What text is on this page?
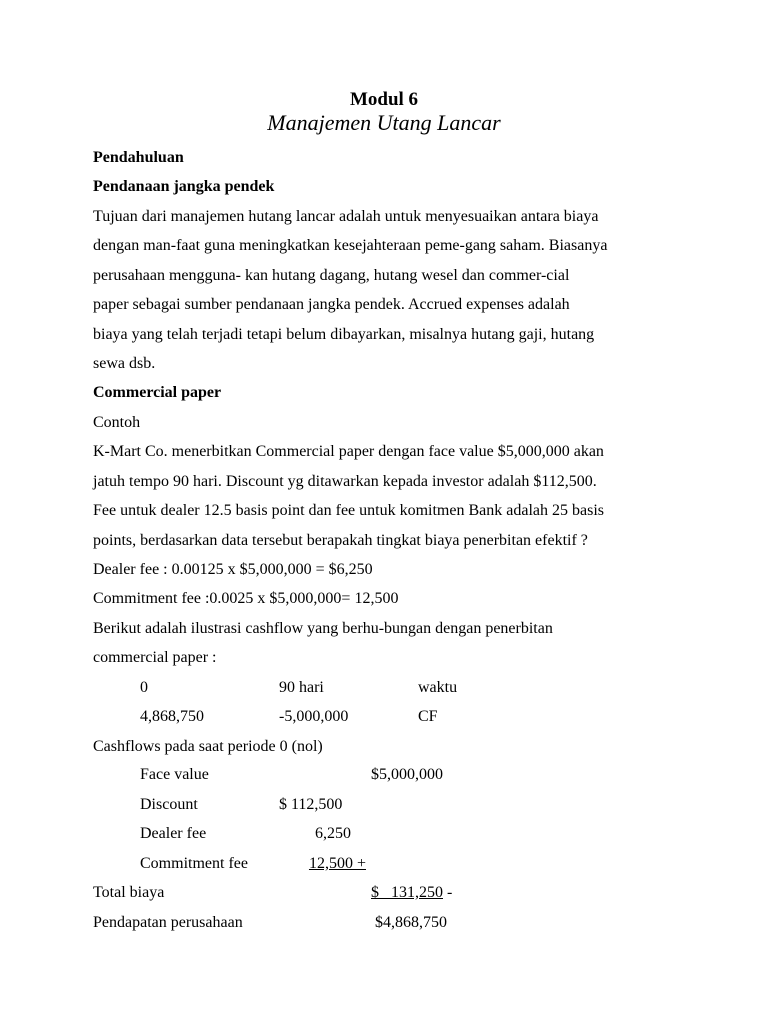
Modul 6
Manajemen Utang Lancar
Pendahuluan
Pendanaan jangka pendek
Tujuan dari manajemen hutang lancar adalah untuk menyesuaikan antara biaya
dengan man-faat guna meningkatkan kesejahteraan peme-gang saham. Biasanya
perusahaan mengguna- kan hutang dagang, hutang wesel dan commer-cial
paper sebagai sumber pendanaan jangka pendek. Accrued expenses adalah
biaya yang telah terjadi tetapi belum dibayarkan, misalnya hutang gaji, hutang
sewa dsb.
Commercial paper
Contoh
K-Mart Co. menerbitkan Commercial paper dengan face value $5,000,000 akan
jatuh tempo 90 hari. Discount yg ditawarkan kepada investor adalah $112,500.
Fee untuk dealer 12.5 basis point dan fee untuk komitmen Bank adalah 25 basis
points, berdasarkan data tersebut berapakah tingkat biaya penerbitan efektif ?
Dealer fee : 0.00125 x $5,000,000 = $6,250
Commitment fee :0.0025 x $5,000,000= 12,500
Berikut adalah ilustrasi cashflow yang berhu-bungan dengan penerbitan
commercial paper :
0	90 hari	waktu
4,868,750	-5,000,000	CF
Cashflows pada saat periode 0 (nol)
Face value	$5,000,000
Discount	$ 112,500
Dealer fee	6,250
Commitment fee	12,500 +
Total biaya	$   131,250 -
Pendapatan perusahaan	$4,868,750
